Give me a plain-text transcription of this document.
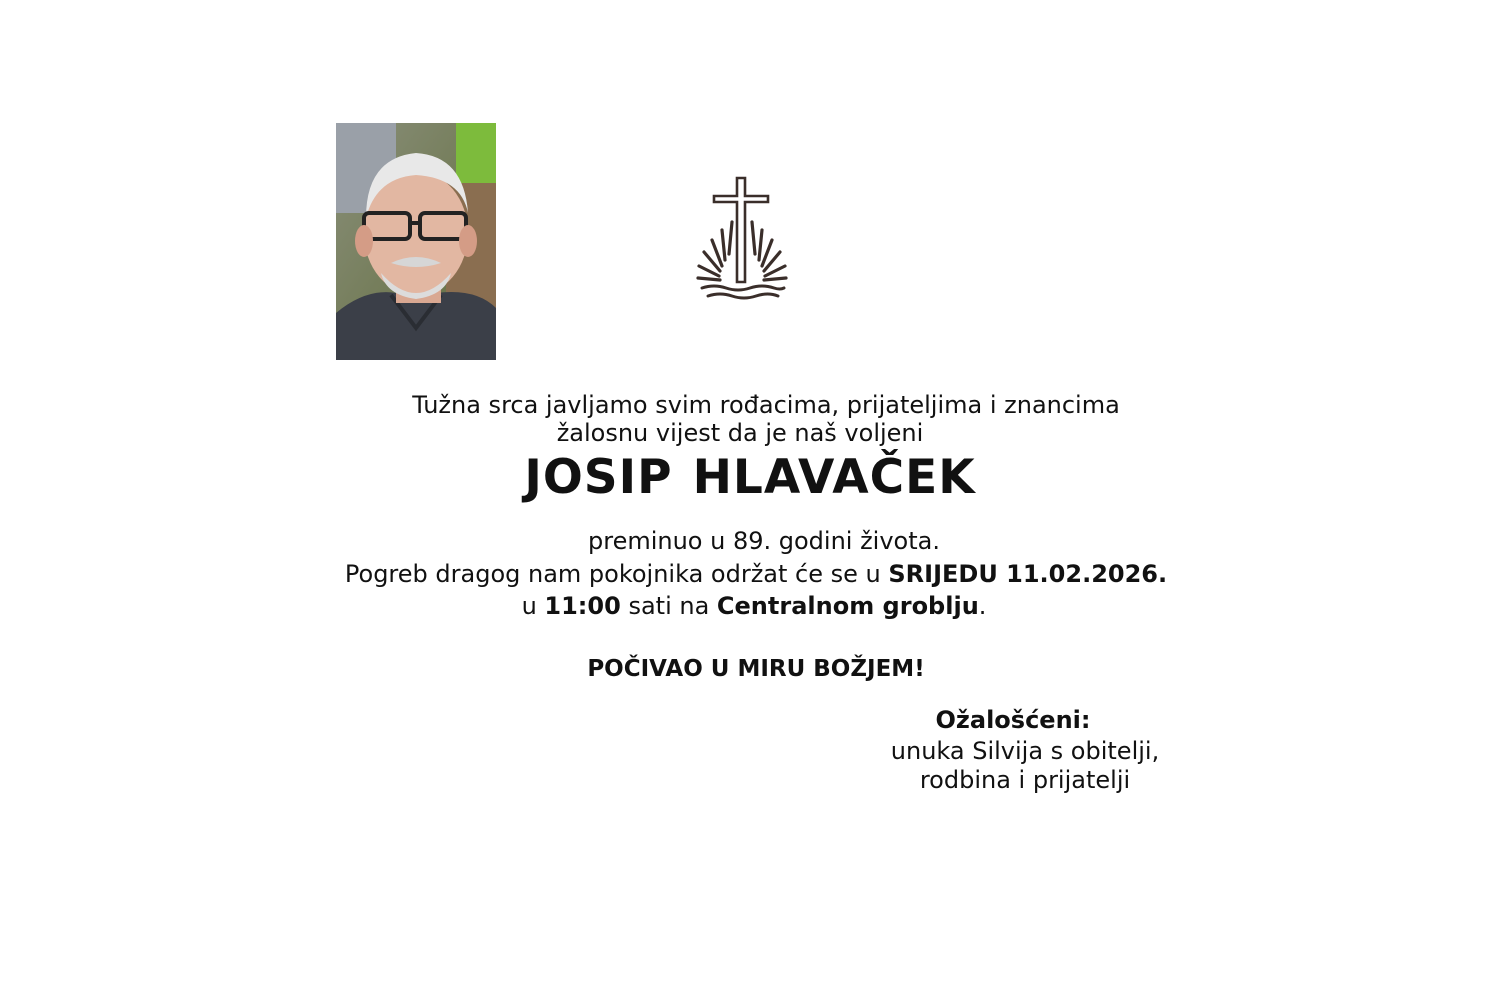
Tužna srca javljamo svim rođacima, prijateljima i znancima
žalosnu vijest da je naš voljeni
JOSIP HLAVAČEK
preminuo u 89. godini života.
Pogreb dragog nam pokojnika održat će se u SRIJEDU 11.02.2026.
u 11:00 sati na Centralnom groblju.
POČIVAO U MIRU BOŽJEM!
Ožalošćeni:
unuka Silvija s obitelji,
rodbina i prijatelji
